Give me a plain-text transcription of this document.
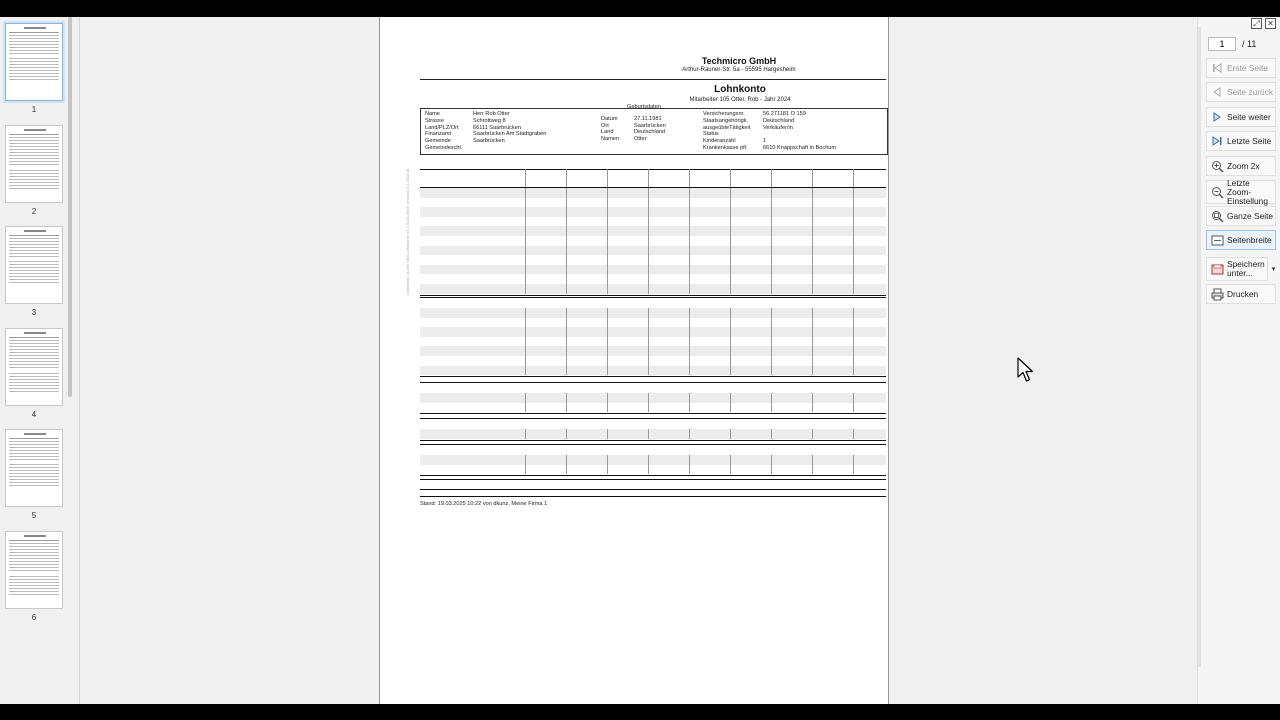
1
2
3
4
5
6
Techmicro GmbH
Arthur-Rauner-Str. 5a - 55595 Hargesheim
Lohnkonto
Mitarbeiter 105 Otter, Rob - Jahr 2024
Name
Strasse
Land/PLZ/Ort
Finanzamt
Gemeinde
Gemeindeschl.
Herr Rob Otter
Schrottweg 8
66111 Saarbrücken
Saarbrücken Am Stadtgraben
Saarbrücken
Geburtsdaten
Datum
Ort
Land
Namen
27.11.1981
Saarbrücken
Deutschland
Otter
Versicherungsnr.
Staatsangehörigk.
ausgeübteTätigkeit
Status
Kinderanzahl
Krankenkasse pfl.
56 271181 O 159
Deutschland
Verkäufer/in
1
6610 Knappschaft in Bochum
Lohnkonto, (Lohn SBS Lohnkonto 25.2.0001.0005, revision 9.4.2025.0)
Stand: 19.03.2025 10:22 von dkunz, Meine Firma 1
⤢ ✕
1	/ 11
Erste Seite
Seite zurück
Seite weiter
Letzte Seite
Zoom 2x
Letzte Zoom-Einstellung
Ganze Seite
Seitenbreite
Speichern unter...	▾
Drucken
